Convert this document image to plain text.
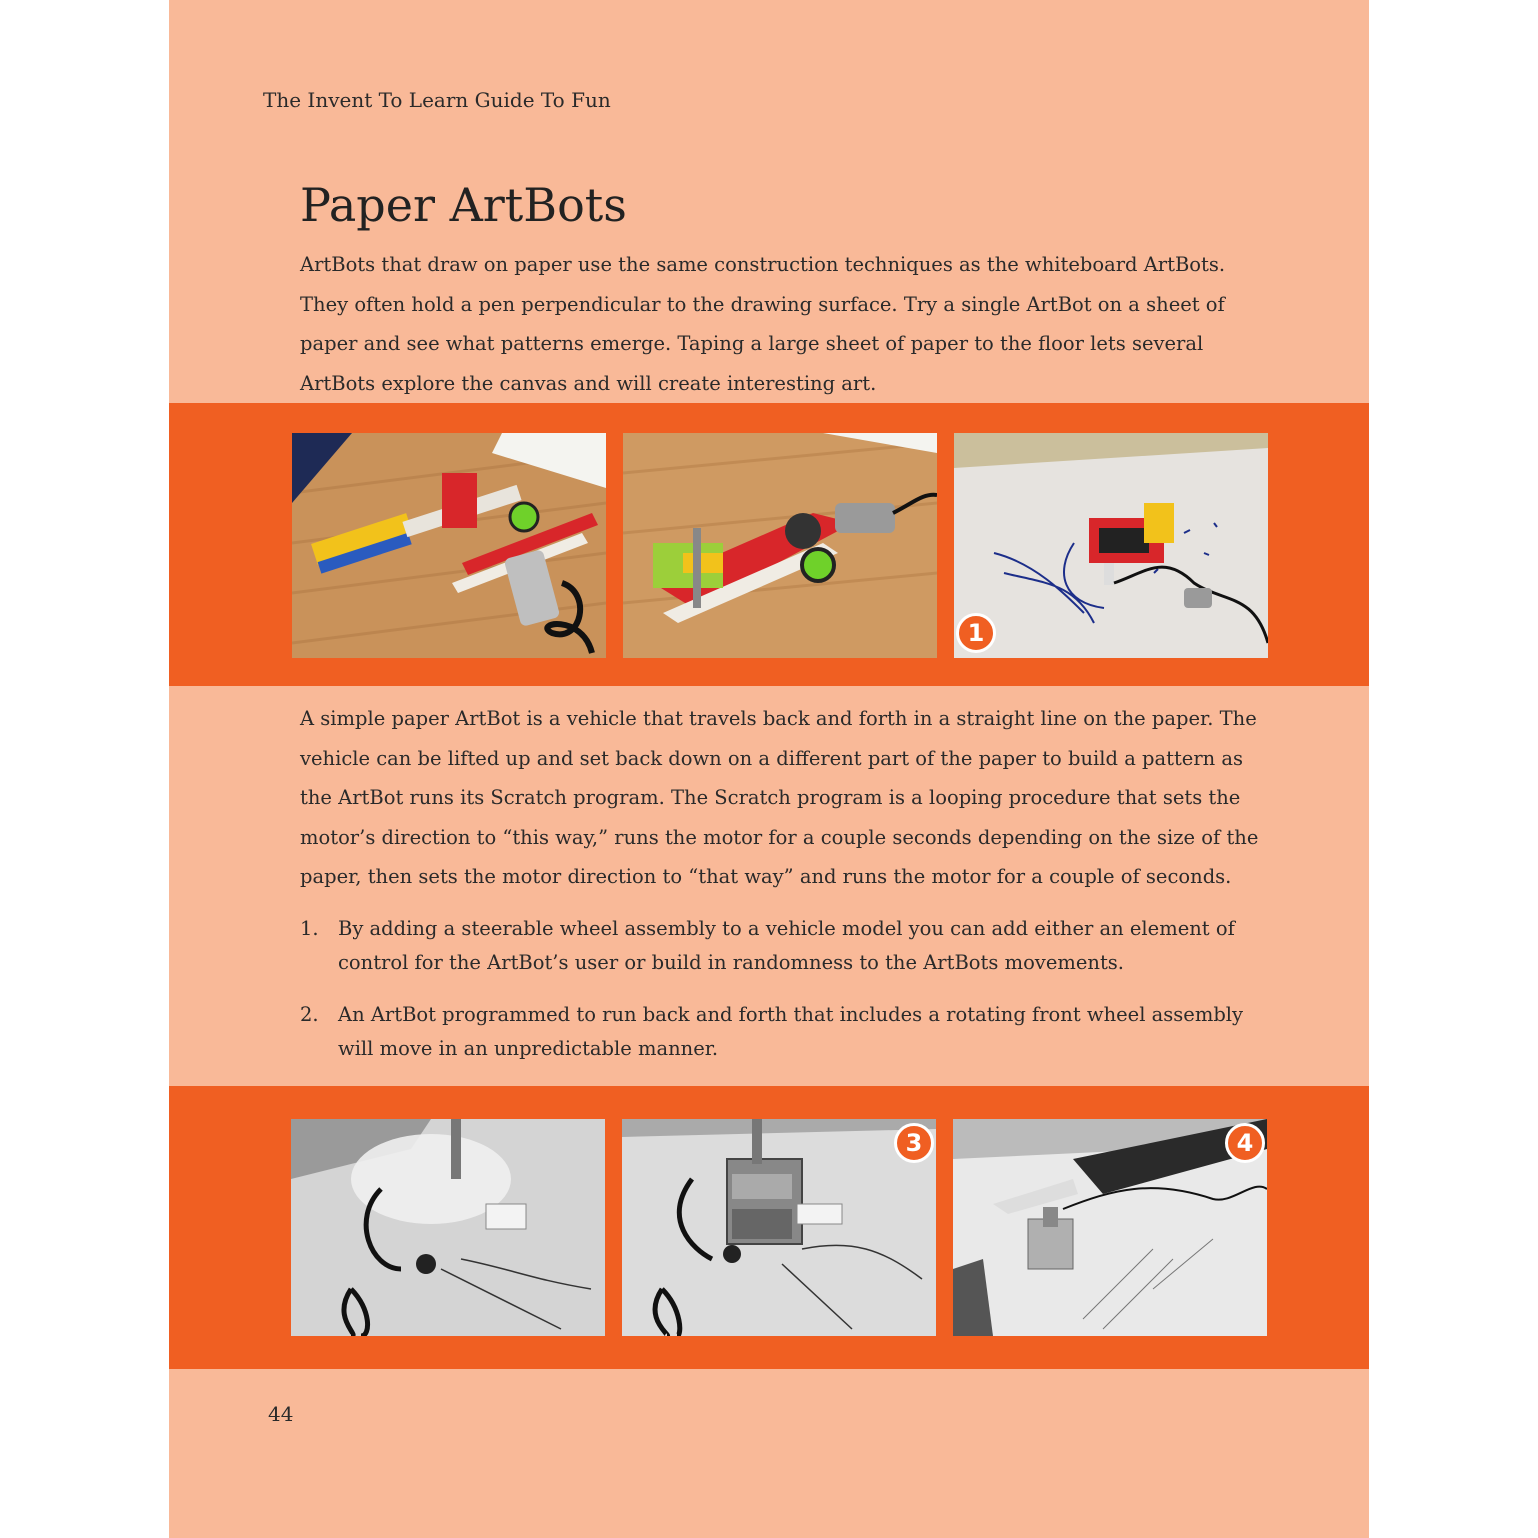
The Invent To Learn Guide To Fun
Paper ArtBots

ArtBots that draw on paper use the same construction techniques as the whiteboard ArtBots. They often hold a pen perpendicular to the drawing surface. Try a single ArtBot on a sheet of paper and see what patterns emerge. Taping a large sheet of paper to the floor lets several ArtBots explore the canvas and will create interesting art.

1

A simple paper ArtBot is a vehicle that travels back and forth in a straight line on the paper. The vehicle can be lifted up and set back down on a different part of the paper to build a pattern as the ArtBot runs its Scratch program. The Scratch program is a looping procedure that sets the motor’s direction to “this way,” runs the motor for a couple seconds depending on the size of the paper, then sets the motor direction to “that way” and runs the motor for a couple of seconds.

1. By adding a steerable wheel assembly to a vehicle model you can add either an element of control for the ArtBot’s user or build in randomness to the ArtBots movements.
2. An ArtBot programmed to run back and forth that includes a rotating front wheel assembly will move in an unpredictable manner.
3	4
44
